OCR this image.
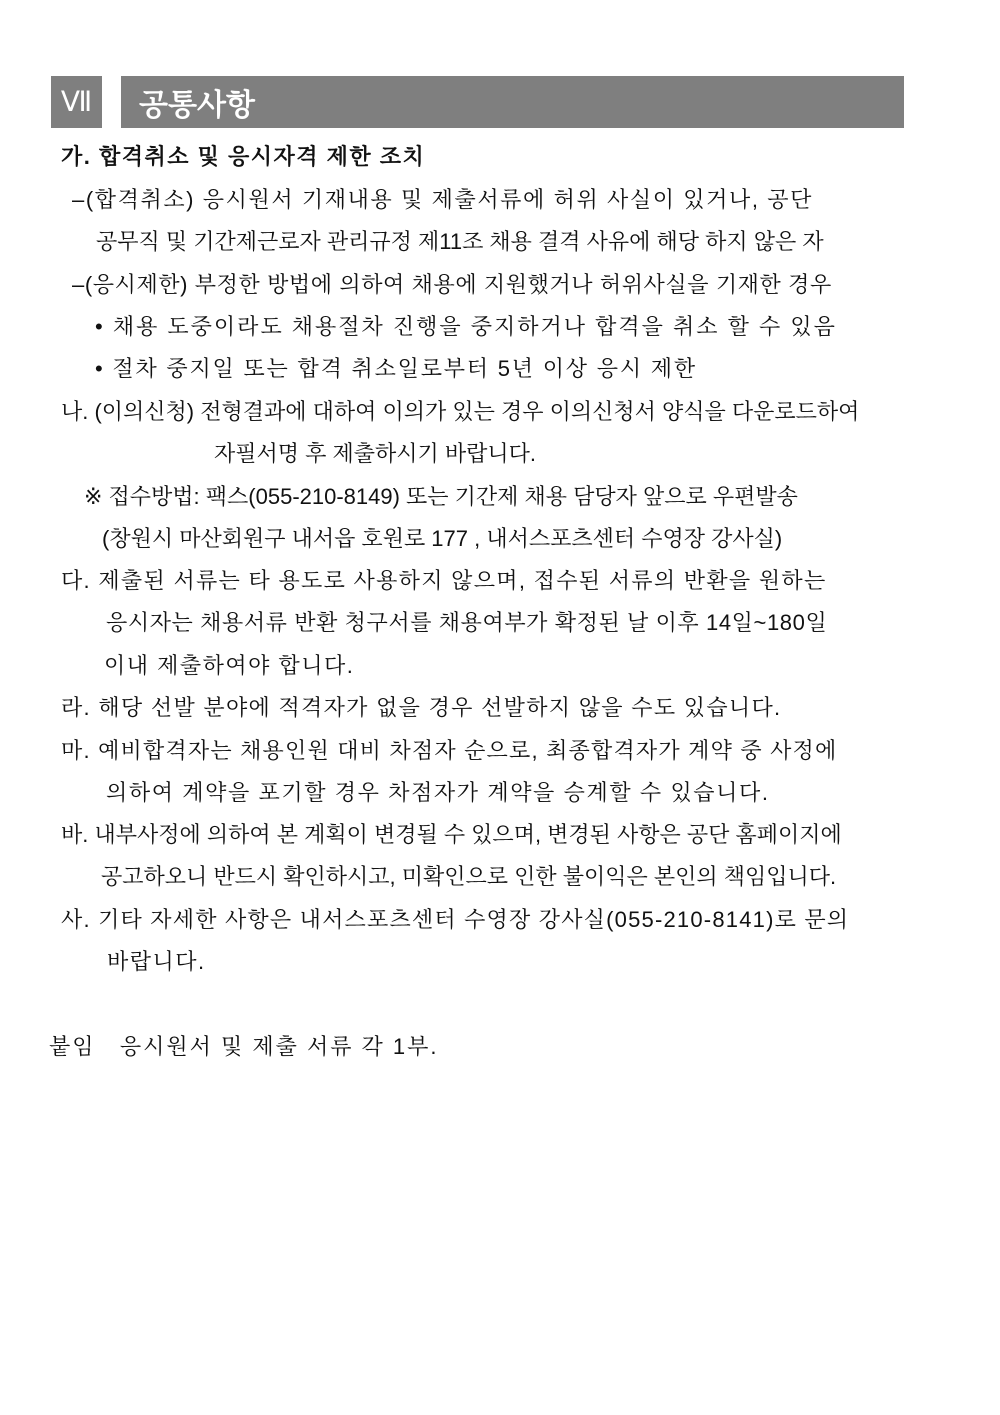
Ⅶ	공통사항
가. 합격취소 및 응시자격 제한 조치
–(합격취소) 응시원서 기재내용 및 제출서류에 허위 사실이 있거나, 공단
공무직 및 기간제근로자 관리규정 제11조 채용 결격 사유에 해당 하지 않은 자
–(응시제한) 부정한 방법에 의하여 채용에 지원했거나 허위사실을 기재한 경우
• 채용 도중이라도 채용절차 진행을 중지하거나 합격을 취소 할 수 있음
• 절차 중지일 또는 합격 취소일로부터 5년 이상 응시 제한
나. (이의신청) 전형결과에 대하여 이의가 있는 경우 이의신청서 양식을 다운로드하여
자필서명 후 제출하시기 바랍니다.
※ 접수방법: 팩스(055-210-8149) 또는 기간제 채용 담당자 앞으로 우편발송
(창원시 마산회원구 내서읍 호원로 177 , 내서스포츠센터 수영장 강사실)
다. 제출된 서류는 타 용도로 사용하지 않으며, 접수된 서류의 반환을 원하는
응시자는 채용서류 반환 청구서를 채용여부가 확정된 날 이후 14일~180일
이내 제출하여야 합니다.
라. 해당 선발 분야에 적격자가 없을 경우 선발하지 않을 수도 있습니다.
마. 예비합격자는 채용인원 대비 차점자 순으로, 최종합격자가 계약 중 사정에
의하여 계약을 포기할 경우 차점자가 계약을 승계할 수 있습니다.
바. 내부사정에 의하여 본 계획이 변경될 수 있으며, 변경된 사항은 공단 홈페이지에
공고하오니 반드시 확인하시고, 미확인으로 인한 불이익은 본인의 책임입니다.
사. 기타 자세한 사항은 내서스포츠센터 수영장 강사실(055-210-8141)로 문의
바랍니다.
붙임   응시원서 및 제출 서류 각 1부.
